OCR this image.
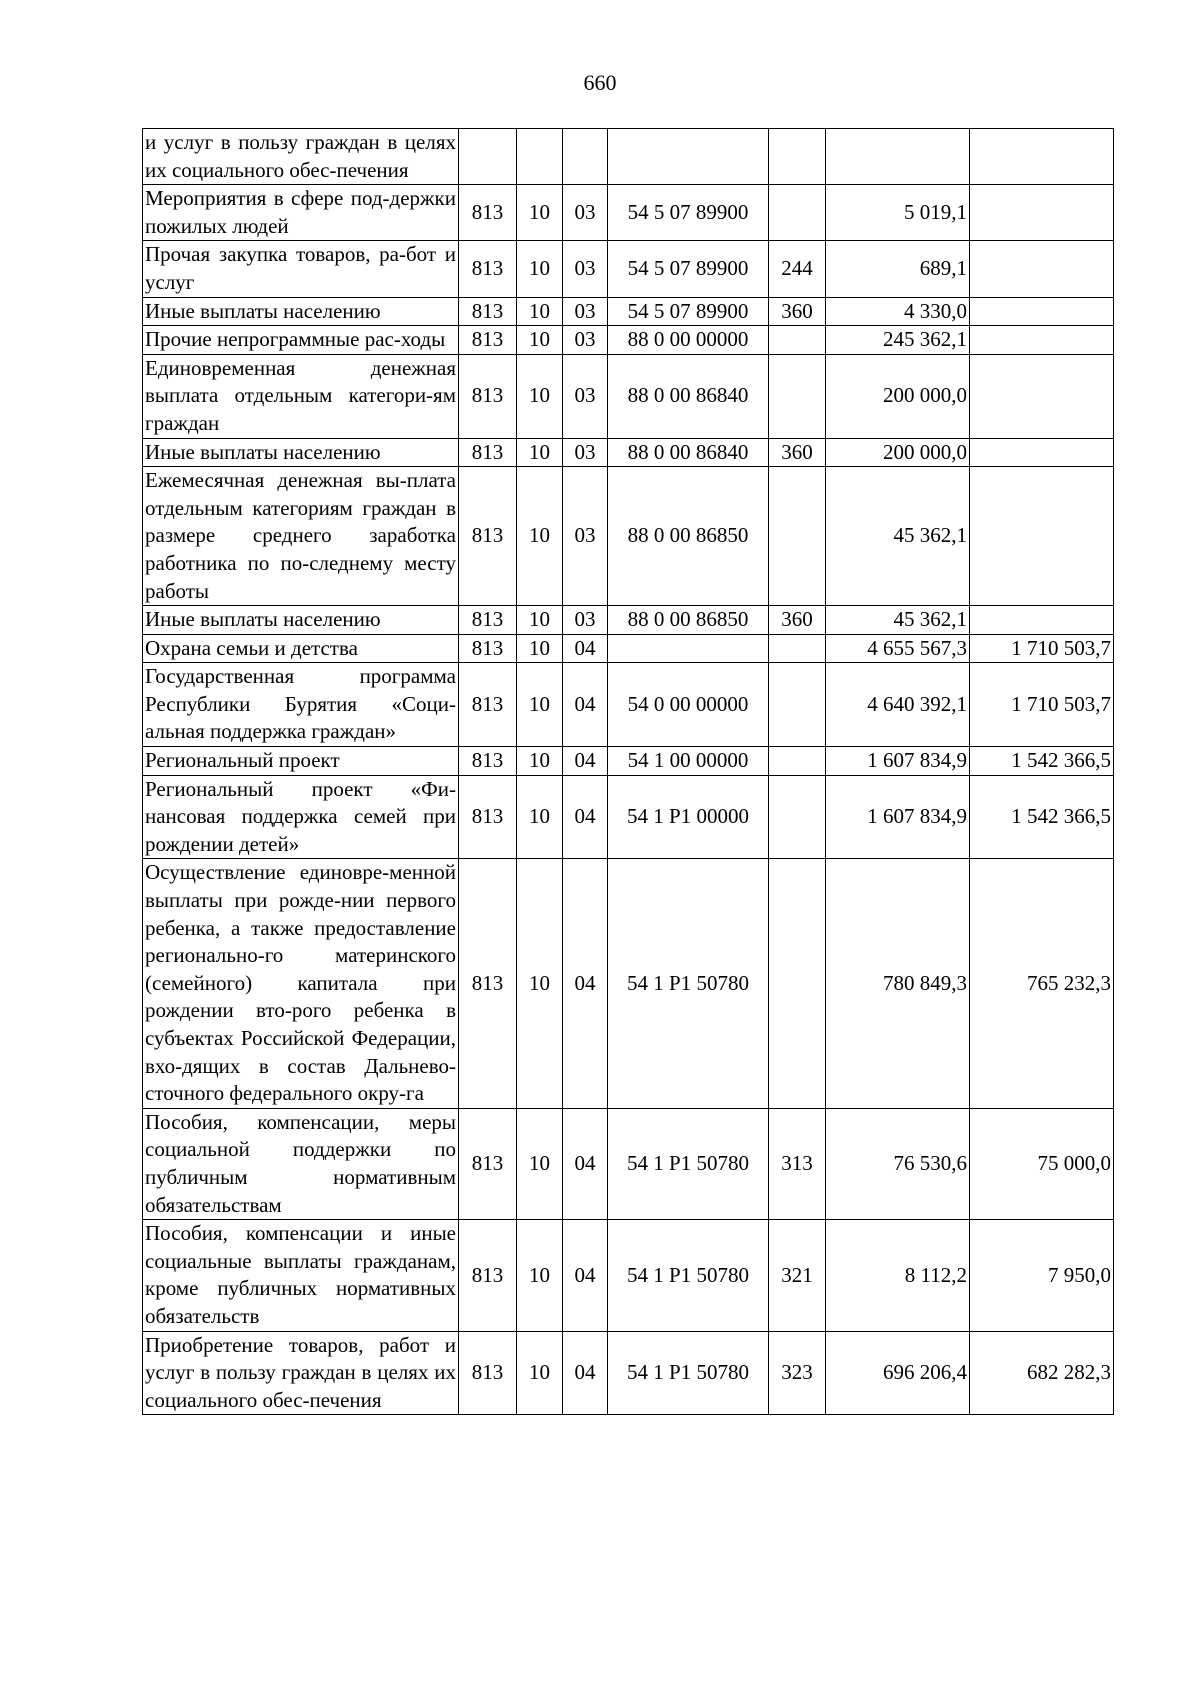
660
и услуг в пользу граждан в целях их социального обес-печения							
Мероприятия в сфере под-держки пожилых людей	813	10	03	54 5 07 89900		5 019,1	
Прочая закупка товаров, ра-бот и услуг	813	10	03	54 5 07 89900	244	689,1	
Иные выплаты населению	813	10	03	54 5 07 89900	360	4 330,0	
Прочие непрограммные рас-ходы	813	10	03	88 0 00 00000		245 362,1	
Единовременная денежная выплата отдельным категори-ям граждан	813	10	03	88 0 00 86840		200 000,0	
Иные выплаты населению	813	10	03	88 0 00 86840	360	200 000,0	
Ежемесячная денежная вы-плата отдельным категориям граждан в размере среднего заработка работника по по-следнему месту работы	813	10	03	88 0 00 86850		45 362,1	
Иные выплаты населению	813	10	03	88 0 00 86850	360	45 362,1	
Охрана семьи и детства	813	10	04			4 655 567,3	1 710 503,7
Государственная программа Республики Бурятия «Соци-альная поддержка граждан»	813	10	04	54 0 00 00000		4 640 392,1	1 710 503,7
Региональный проект	813	10	04	54 1 00 00000		1 607 834,9	1 542 366,5
Региональный проект «Фи-нансовая поддержка семей при рождении детей»	813	10	04	54 1 P1 00000		1 607 834,9	1 542 366,5
Осуществление единовре-менной выплаты при рожде-нии первого ребенка, а также предоставление регионально-го материнского (семейного) капитала при рождении вто-рого ребенка в субъектах Российской Федерации, вхо-дящих в состав Дальнево-сточного федерального окру-га	813	10	04	54 1 P1 50780		780 849,3	765 232,3
Пособия, компенсации, меры социальной поддержки по публичным нормативным обязательствам	813	10	04	54 1 P1 50780	313	76 530,6	75 000,0
Пособия, компенсации и иные социальные выплаты гражданам, кроме публичных нормативных обязательств	813	10	04	54 1 P1 50780	321	8 112,2	7 950,0
Приобретение товаров, работ и услуг в пользу граждан в целях их социального обес-печения	813	10	04	54 1 P1 50780	323	696 206,4	682 282,3
